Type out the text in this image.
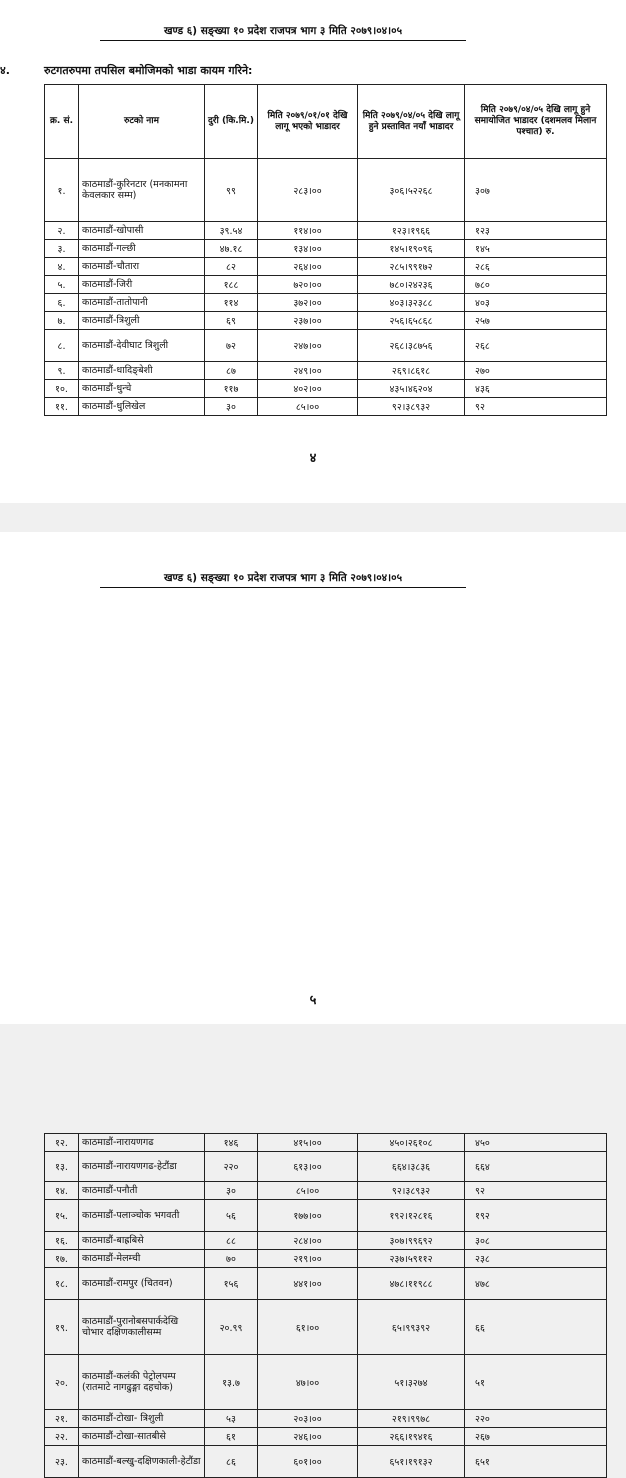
खण्ड ६) सङ्ख्या १० प्रदेश राजपत्र भाग ३ मिति २०७९।०४।०५
४.	रुटगतरुपमा तपसिल बमोजिमको भाडा कायम गरिने:
क्र. सं.	रुटको नाम	दुरी (कि.मि.)	मिति २०७९/०१/०१ देखि लागू भएको भाडादर	मिति २०७९/०४/०५ देखि लागू हुने प्रस्तावित नयाँ भाडादर	मिति २०७९/०४/०५ देखि लागू हुने समायोजित भाडादर (दशमलव मिलान पश्चात) रु.
१.	काठमाडौं-कुरिनटार (मनकामना केवलकार सम्म)	९९	२८३।००	३०६।५२२६८	३०७
२.	काठमाडौं-खोपासी	३९.५४	११४।००	१२३।१९६६	१२३
३.	काठमाडौं-गल्छी	४७.१८	१३४।००	१४५।१९०९६	१४५
४.	काठमाडौं-चौतारा	८२	२६४।००	२८५।९९१७२	२८६
५.	काठमाडौं-जिरी	१८८	७२०।००	७८०।२४२३६	७८०
६.	काठमाडौं-तातोपानी	११४	३७२।००	४०३।३२३८८	४०३
७.	काठमाडौं-त्रिशुली	६९	२३७।००	२५६।६५८६८	२५७
८.	काठमाडौं-देवीघाट त्रिशुली	७२	२४७।००	२६८।३८७५६	२६८
९.	काठमाडौं-धादिङ्बेशी	८७	२४९।००	२६९।८६१८	२७०
१०.	काठमाडौं-धुन्चे	११७	४०२।००	४३५।४६२०४	४३६
११.	काठमाडौं-धुलिखेल	३०	८५।००	९२।३८९३२	९२
४
खण्ड ६) सङ्ख्या १० प्रदेश राजपत्र भाग ३ मिति २०७९।०४।०५
१२.	काठमाडौं-नारायणगढ	१४६	४१५।००	४५०।२६१०८	४५०
१३.	काठमाडौं-नारायणगढ-हेटौंडा	२२०	६१३।००	६६४।३८३६	६६४
१४.	काठमाडौं-पनौती	३०	८५।००	९२।३८९३२	९२
१५.	काठमाडौं-पलाञ्चोक भगवती	५६	१७७।००	१९२।१२८१६	१९२
१६.	काठमाडौं-बाह्रबिसे	८८	२८४।००	३०७।९९६९२	३०८
१७.	काठमाडौं-मेलम्ची	७०	२१९।००	२३७।५९११२	२३८
१८.	काठमाडौं-रामपुर (चितवन)	१५६	४४१।००	४७८।११९८८	४७८
१९.	काठमाडौं-पुरानोबसपार्कदेखि चोभार दक्षिणकालीसम्म	२०.९९	६१।००	६५।९९३९२	६६
२०.	काठमाडौं-कलंकी पेट्रोलपम्प (रातमाटे नागढुङ्गा दहचोक)	१३.७	४७।००	५१।३२७४	५१
२१.	काठमाडौं-टोखा- त्रिशुली	५३	२०३।००	२१९।९९७८	२२०
२२.	काठमाडौं-टोखा-सातबीसे	६१	२४६।००	२६६।१९४१६	२६७
२३.	काठमाडौं-बल्खु-दक्षिणकाली-हेटौंडा	८६	६०१।००	६५१।१९१३२	६५१
५
